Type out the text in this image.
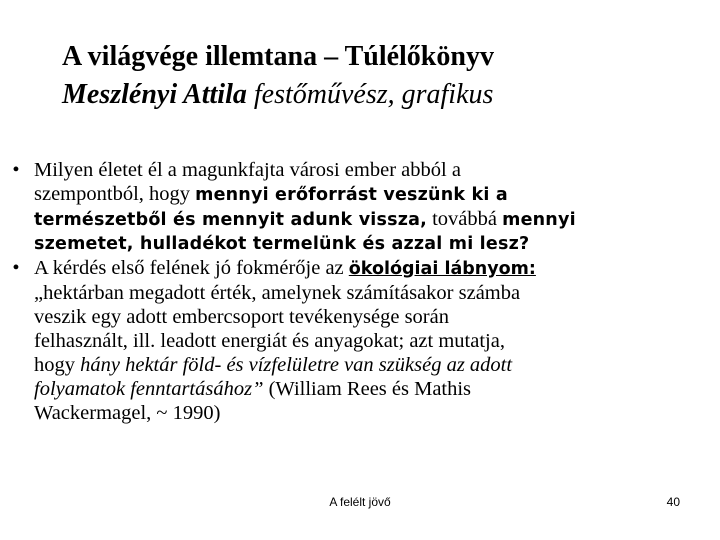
A világvége illemtana – Túlélőkönyv
Meszlényi Attila festőművész, grafikus
• Milyen életet él a magunkfajta városi ember abból a
szempontból, hogy mennyi erőforrást veszünk ki a
természetből és mennyit adunk vissza, továbbá mennyi
szemetet, hulladékot termelünk és azzal mi lesz?
• A kérdés első felének jó fokmérője az ökológiai lábnyom:
„hektárban megadott érték, amelynek számításakor számba
veszik egy adott embercsoport tevékenysége során
felhasznált, ill. leadott energiát és anyagokat; azt mutatja,
hogy hány hektár föld- és vízfelületre van szükség az adott
folyamatok fenntartásához” (William Rees és Mathis
Wackermagel, ~ 1990)
A felélt jövő	40
